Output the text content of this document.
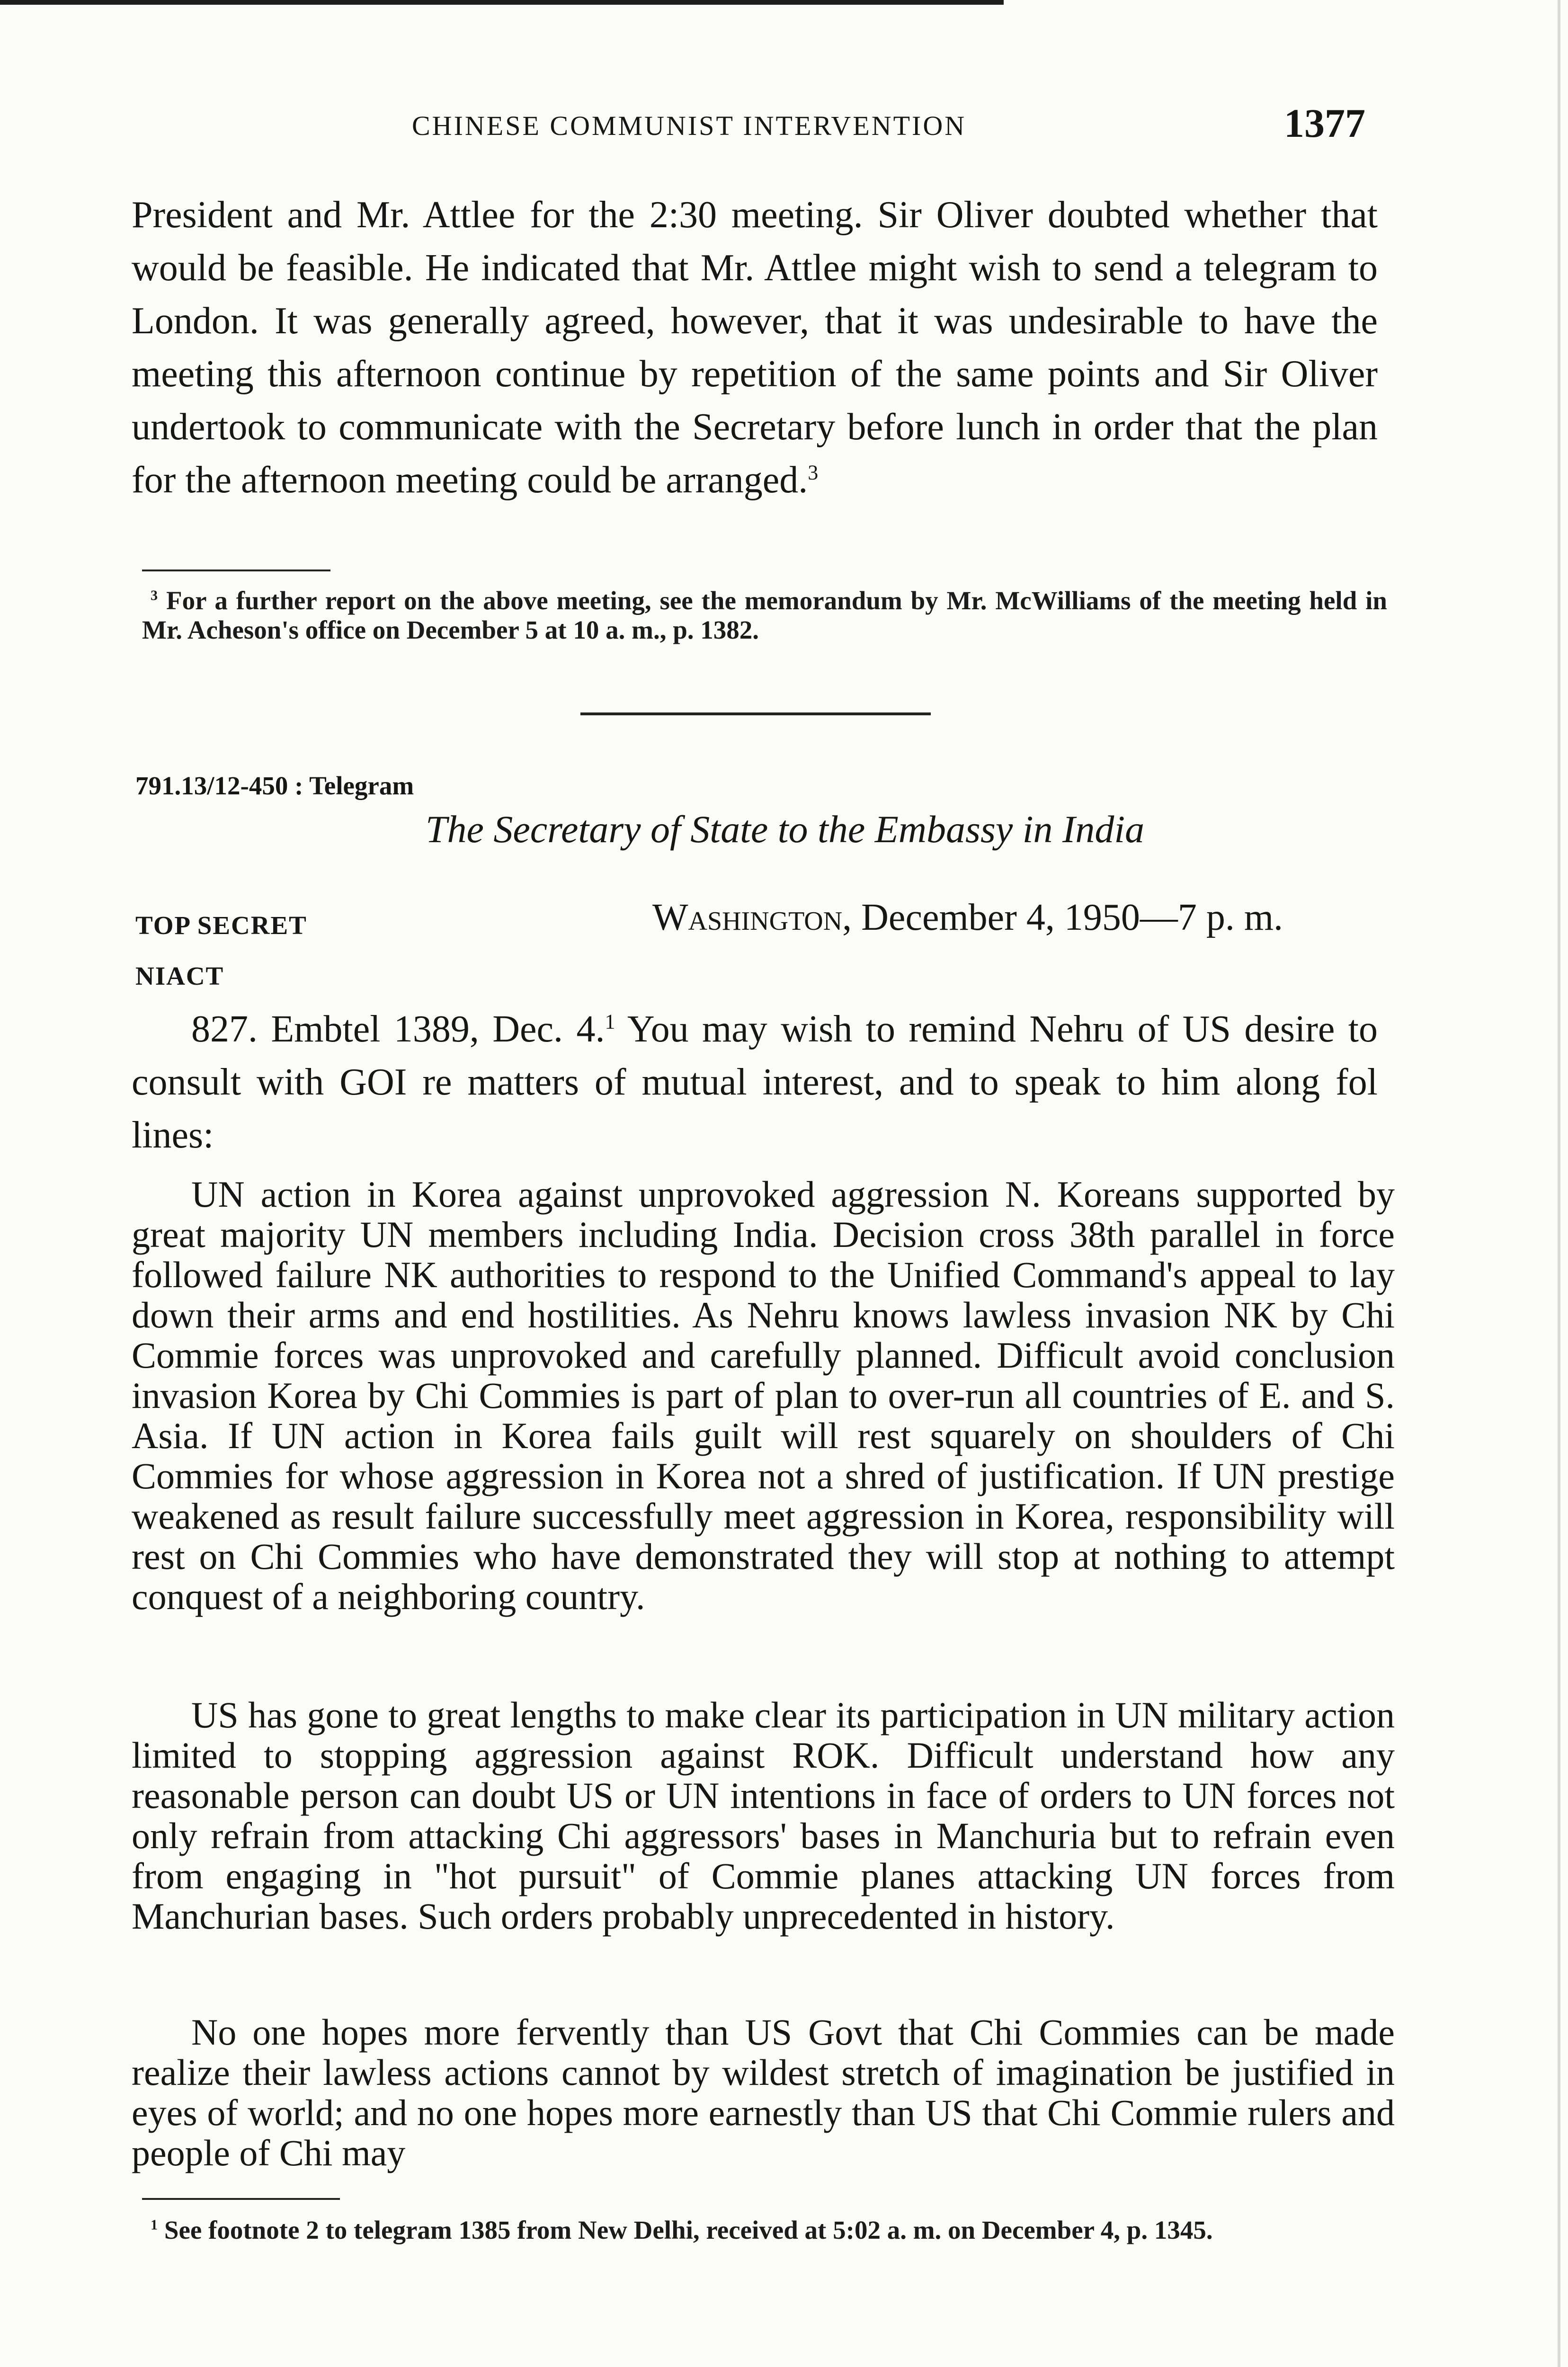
CHINESE COMMUNIST INTERVENTION	1377

President and Mr. Attlee for the 2:30 meeting. Sir Oliver doubted whether that would be feasible. He indicated that Mr. Attlee might wish to send a telegram to London. It was generally agreed, however, that it was undesirable to have the meeting this afternoon continue by repetition of the same points and Sir Oliver undertook to communicate with the Secretary before lunch in order that the plan for the afternoon meeting could be arranged.$^3$

$^3$ For a further report on the above meeting, see the memorandum by Mr. McWilliams of the meeting held in Mr. Acheson's office on December 5 at 10 a. m., p. 1382.

791.13/12-450 : Telegram
The Secretary of State to the Embassy in India
TOP SECRET	Washington, December 4, 1950—7 p. m.
NIACT

827. Embtel 1389, Dec. 4.$^1$ You may wish to remind Nehru of US desire to consult with GOI re matters of mutual interest, and to speak to him along fol lines:

UN action in Korea against unprovoked aggression N. Koreans supported by great majority UN members including India. Decision cross 38th parallel in force followed failure NK authorities to respond to the Unified Command's appeal to lay down their arms and end hostilities. As Nehru knows lawless invasion NK by Chi Commie forces was unprovoked and carefully planned. Difficult avoid conclusion invasion Korea by Chi Commies is part of plan to over-run all countries of E. and S. Asia. If UN action in Korea fails guilt will rest squarely on shoulders of Chi Commies for whose aggression in Korea not a shred of justification. If UN prestige weakened as result failure successfully meet aggression in Korea, responsibility will rest on Chi Commies who have demonstrated they will stop at nothing to attempt conquest of a neighboring country.

US has gone to great lengths to make clear its participation in UN military action limited to stopping aggression against ROK. Difficult understand how any reasonable person can doubt US or UN intentions in face of orders to UN forces not only refrain from attacking Chi aggressors' bases in Manchuria but to refrain even from engaging in "hot pursuit" of Commie planes attacking UN forces from Manchurian bases. Such orders probably unprecedented in history.

No one hopes more fervently than US Govt that Chi Commies can be made realize their lawless actions cannot by wildest stretch of imagination be justified in eyes of world; and no one hopes more earnestly than US that Chi Commie rulers and people of Chi may

$^1$ See footnote 2 to telegram 1385 from New Delhi, received at 5:02 a. m. on December 4, p. 1345.
